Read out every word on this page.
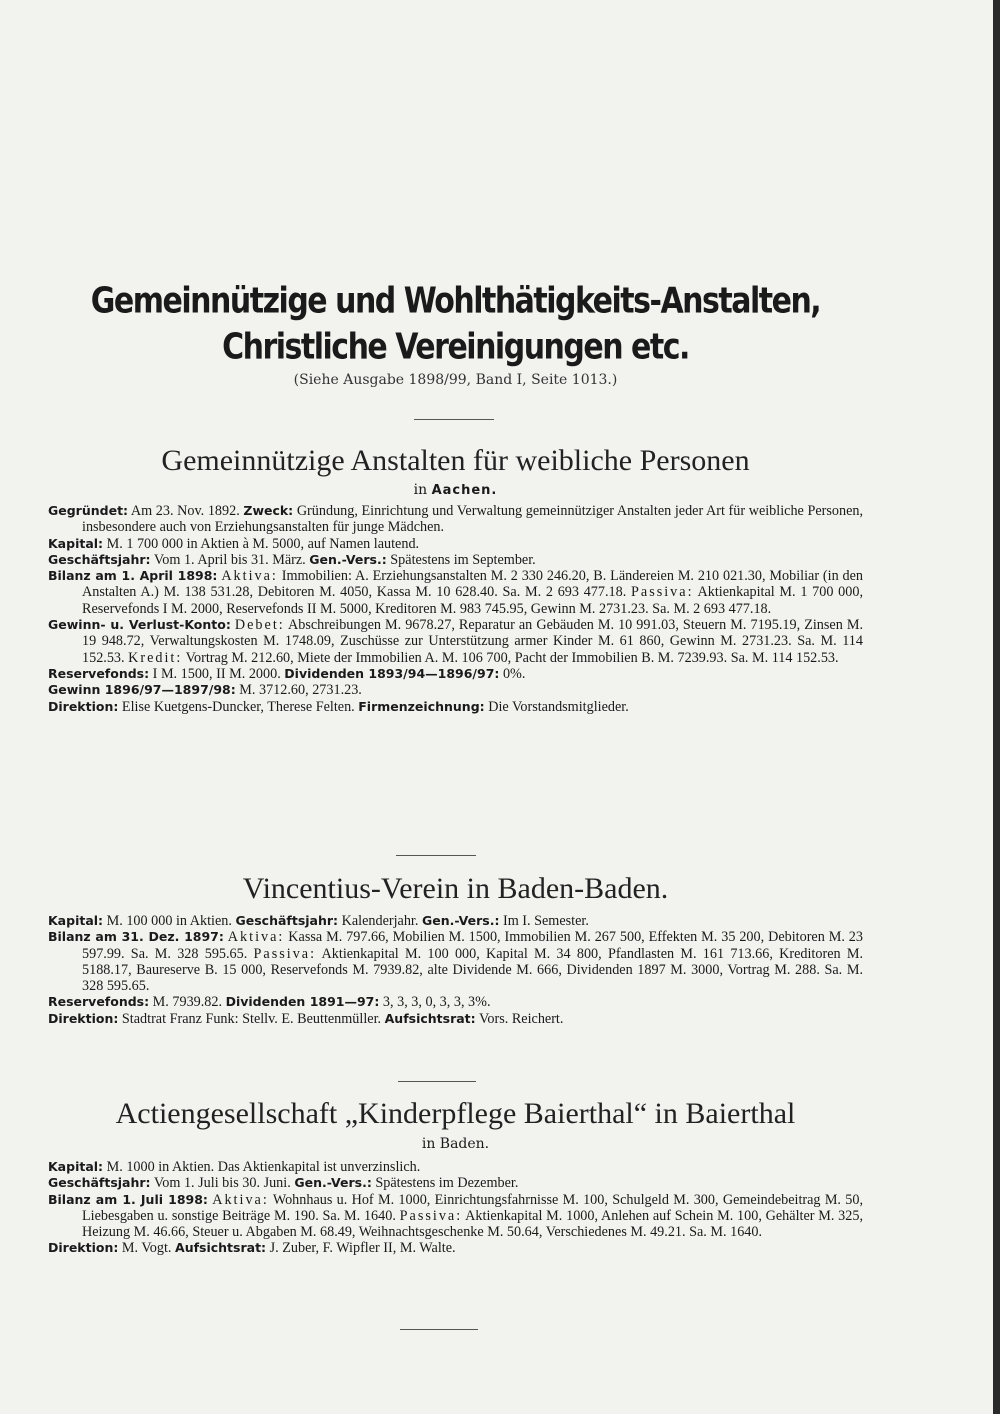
Gemeinnützige und Wohlthätigkeits-Anstalten,
Christliche Vereinigungen etc.
(Siehe Ausgabe 1898/99, Band I, Seite 1013.)
Gemeinnützige Anstalten für weibliche Personen
in Aachen.

Gegründet: Am 23. Nov. 1892. Zweck: Gründung, Einrichtung und Verwaltung gemeinnütziger Anstalten jeder Art für weibliche Personen, insbesondere auch von Erziehungsanstalten für junge Mädchen.

Kapital: M. 1 700 000 in Aktien à M. 5000, auf Namen lautend.

Geschäftsjahr: Vom 1. April bis 31. März. Gen.-Vers.: Spätestens im September.

Bilanz am 1. April 1898: Aktiva: Immobilien: A. Erziehungsanstalten M. 2 330 246.20, B. Ländereien M. 210 021.30, Mobiliar (in den Anstalten A.) M. 138 531.28, Debitoren M. 4050, Kassa M. 10 628.40. Sa. M. 2 693 477.18. Passiva: Aktienkapital M. 1 700 000, Reservefonds I M. 2000, Reservefonds II M. 5000, Kreditoren M. 983 745.95, Gewinn M. 2731.23. Sa. M. 2 693 477.18.

Gewinn- u. Verlust-Konto: Debet: Abschreibungen M. 9678.27, Reparatur an Gebäuden M. 10 991.03, Steuern M. 7195.19, Zinsen M. 19 948.72, Verwaltungskosten M. 1748.09, Zuschüsse zur Unterstützung armer Kinder M. 61 860, Gewinn M. 2731.23. Sa. M. 114 152.53. Kredit: Vortrag M. 212.60, Miete der Immobilien A. M. 106 700, Pacht der Immobilien B. M. 7239.93. Sa. M. 114 152.53.

Reservefonds: I M. 1500, II M. 2000. Dividenden 1893/94—1896/97: 0%.

Gewinn 1896/97—1897/98: M. 3712.60, 2731.23.

Direktion: Elise Kuetgens-Duncker, Therese Felten. Firmenzeichnung: Die Vorstandsmitglieder.

Vincentius-Verein in Baden-Baden.

Kapital: M. 100 000 in Aktien. Geschäftsjahr: Kalenderjahr. Gen.-Vers.: Im I. Semester.

Bilanz am 31. Dez. 1897: Aktiva: Kassa M. 797.66, Mobilien M. 1500, Immobilien M. 267 500, Effekten M. 35 200, Debitoren M. 23 597.99. Sa. M. 328 595.65. Passiva: Aktienkapital M. 100 000, Kapital M. 34 800, Pfandlasten M. 161 713.66, Kreditoren M. 5188.17, Baureserve B. 15 000, Reservefonds M. 7939.82, alte Dividende M. 666, Dividenden 1897 M. 3000, Vortrag M. 288. Sa. M. 328 595.65.

Reservefonds: M. 7939.82. Dividenden 1891—97: 3, 3, 3, 0, 3, 3, 3%.

Direktion: Stadtrat Franz Funk: Stellv. E. Beuttenmüller. Aufsichtsrat: Vors. Reichert.

Actiengesellschaft „Kinderpflege Baierthal“ in Baierthal
in Baden.

Kapital: M. 1000 in Aktien. Das Aktienkapital ist unverzinslich.

Geschäftsjahr: Vom 1. Juli bis 30. Juni. Gen.-Vers.: Spätestens im Dezember.

Bilanz am 1. Juli 1898: Aktiva: Wohnhaus u. Hof M. 1000, Einrichtungsfahrnisse M. 100, Schulgeld M. 300, Gemeindebeitrag M. 50, Liebesgaben u. sonstige Beiträge M. 190. Sa. M. 1640. Passiva: Aktienkapital M. 1000, Anlehen auf Schein M. 100, Gehälter M. 325, Heizung M. 46.66, Steuer u. Abgaben M. 68.49, Weihnachtsgeschenke M. 50.64, Verschiedenes M. 49.21. Sa. M. 1640.

Direktion: M. Vogt. Aufsichtsrat: J. Zuber, F. Wipfler II, M. Walte.
